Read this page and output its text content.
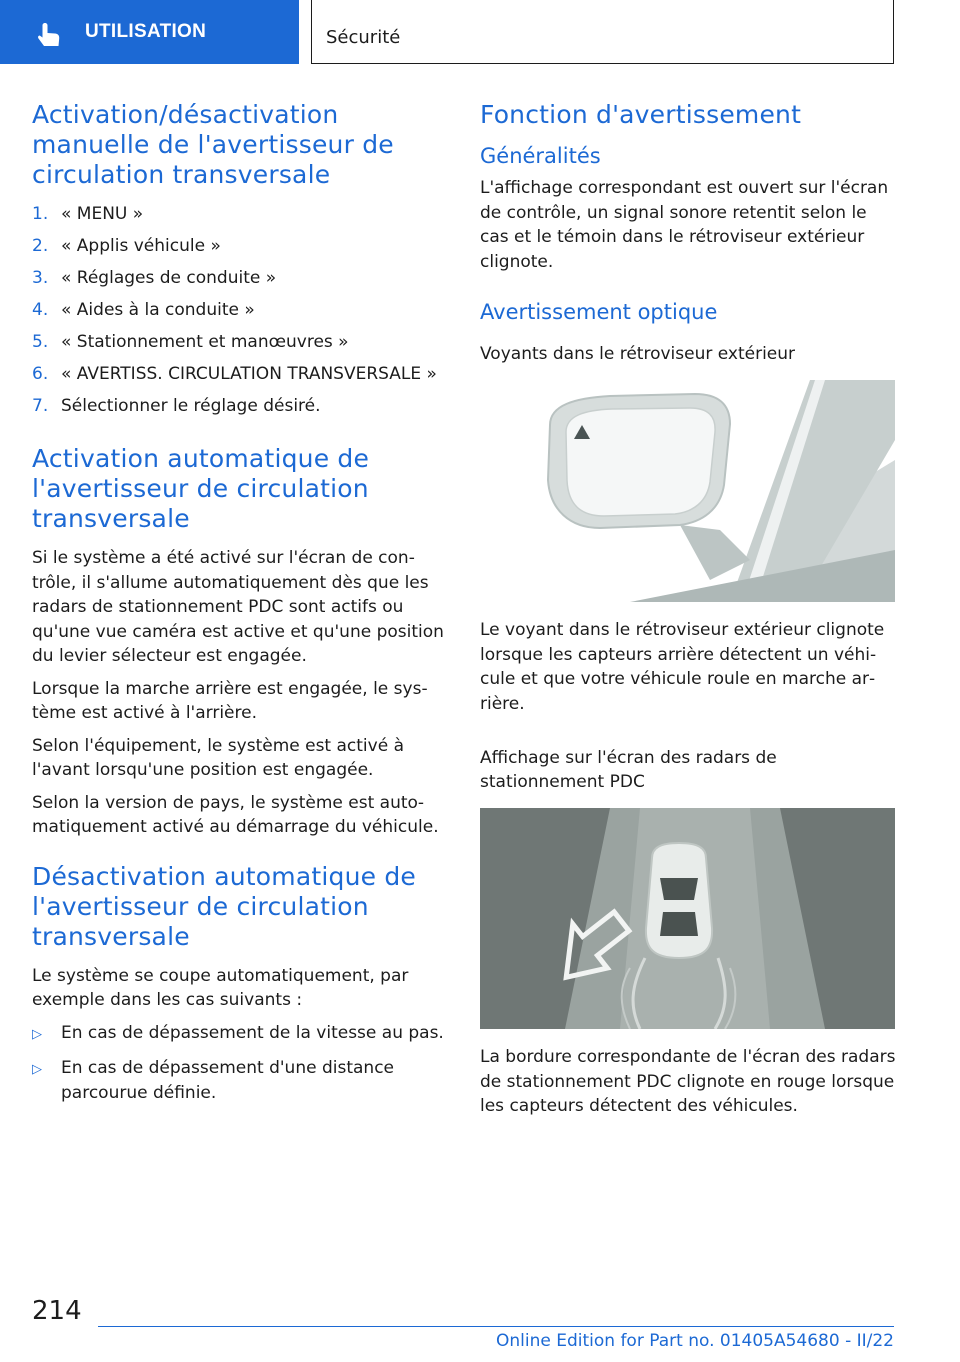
UTILISATION	Sécurité
Activation/désactivation manuelle de l'avertisseur de circulation transversale
1. « MENU »
2. « Applis véhicule »
3. « Réglages de conduite »
4. « Aides à la conduite »
5. « Stationnement et manœuvres »
6. « AVERTISS. CIRCULATION TRANSVERSALE »
7. Sélectionner le réglage désiré.
Activation automatique de l'avertisseur de circulation transversale

Si le système a été activé sur l'écran de contrôle, il s'allume automatiquement dès que les radars de stationnement PDC sont actifs ou qu'une vue caméra est active et qu'une position du levier sélecteur est engagée.

Lorsque la marche arrière est engagée, le système est activé à l'arrière.

Selon l'équipement, le système est activé à l'avant lorsqu'une position est engagée.

Selon la version de pays, le système est automatiquement activé au démarrage du véhicule.

Désactivation automatique de l'avertisseur de circulation transversale

Le système se coupe automatiquement, par exemple dans les cas suivants :

▷	En cas de dépassement de la vitesse au pas.
▷	En cas de dépassement d'une distance parcourue définie.
Fonction d'avertissement
Généralités

L'affichage correspondant est ouvert sur l'écran de contrôle, un signal sonore retentit selon le cas et le témoin dans le rétroviseur extérieur clignote.

Avertissement optique
Voyants dans le rétroviseur extérieur

Le voyant dans le rétroviseur extérieur clignote lorsque les capteurs arrière détectent un véhicule et que votre véhicule roule en marche arrière.

Affichage sur l'écran des radars de stationnement PDC

La bordure correspondante de l'écran des radars de stationnement PDC clignote en rouge lorsque les capteurs détectent des véhicules.

214
Online Edition for Part no. 01405A54680 - II/22
